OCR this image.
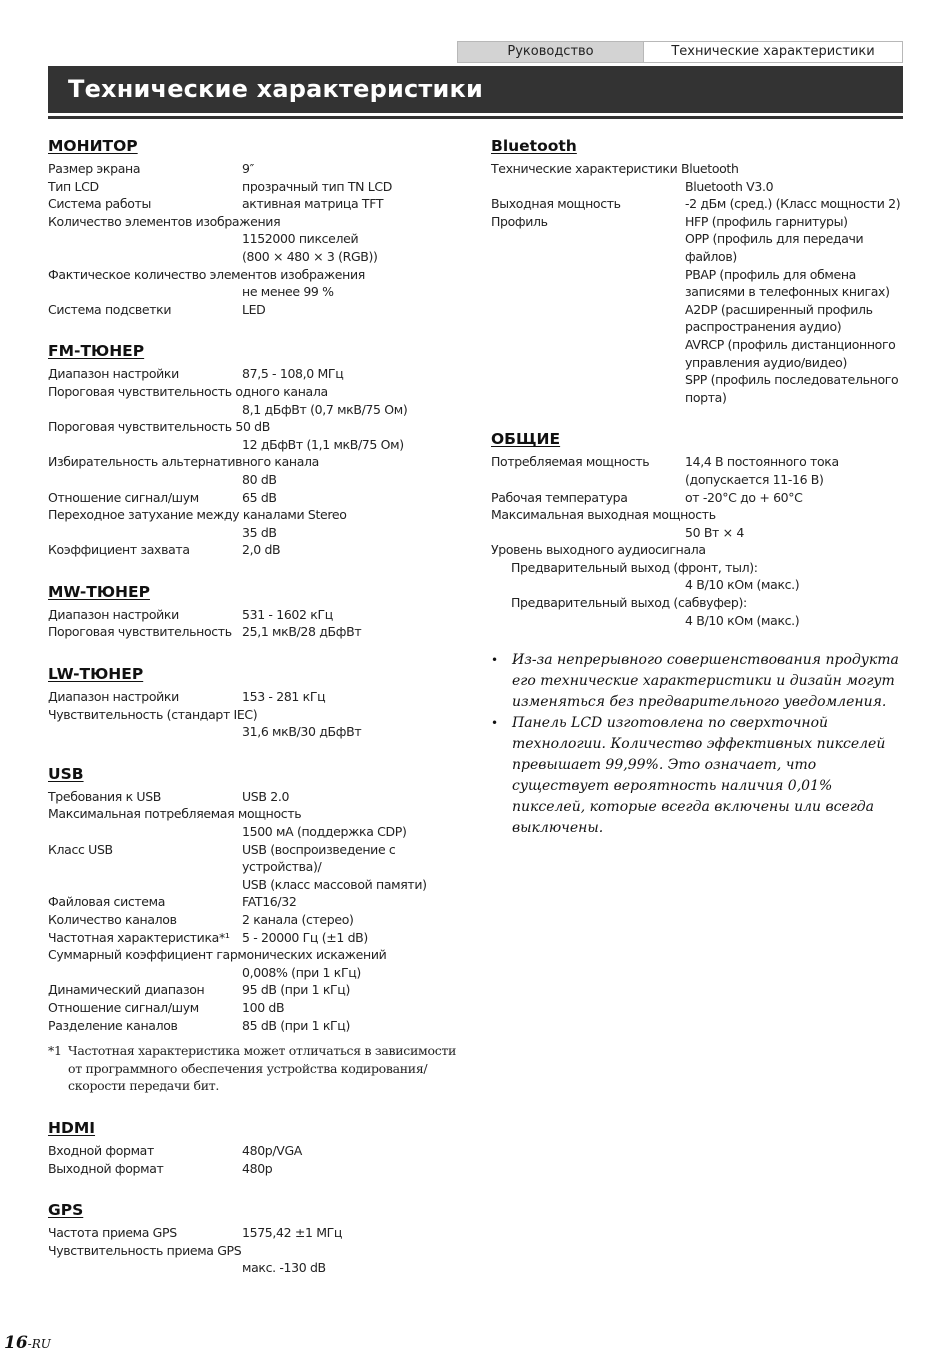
Руководство	Технические характеристики
Технические характеристики
МОНИТОР
Размер экрана	9″
Тип LCD	прозрачный тип TN LCD
Система работы	активная матрица TFT
Количество элементов изображения
1152000 пикселей
(800 × 480 × 3 (RGB))
Фактическое количество элементов изображения
не менее 99 %
Система подсветки	LED
FM-ТЮНЕР
Диапазон настройки	87,5 - 108,0 МГц
Пороговая чувствительность одного канала
8,1 дБфВт (0,7 мкВ/75 Ом)
Пороговая чувствительность 50 dB
12 дБфВт (1,1 мкВ/75 Ом)
Избирательность альтернативного канала
80 dB
Отношение сигнал/шум	65 dB
Переходное затухание между каналами Stereo
35 dB
Коэффициент захвата	2,0 dB
MW-ТЮНЕР
Диапазон настройки	531 - 1602 кГц
Пороговая чувствительность 25,1 мкВ/28 дБфВт
LW-ТЮНЕР
Диапазон настройки	153 - 281 кГц
Чувствительность (стандарт IEC)
31,6 мкВ/30 дБфВт
USB
Требования к USB	USB 2.0
Максимальная потребляемая мощность
1500 мА (поддержка CDP)
Класс USB	USB (воспроизведение с устройства)/
USB (класс массовой памяти)
Файловая система	FAT16/32
Количество каналов	2 канала (стерео)
Частотная характеристика*¹ 5 - 20000 Гц (±1 dB)
Суммарный коэффициент гармонических искажений
0,008% (при 1 кГц)
Динамический диапазон	95 dB (при 1 кГц)
Отношение сигнал/шум	100 dB
Разделение каналов	85 dB (при 1 кГц)
*1 Частотная характеристика может отличаться в зависимости от программного обеспечения устройства кодирования/скорости передачи бит.
HDMI
Входной формат	480p/VGA
Выходной формат	480p
GPS
Частота приема GPS	1575,42 ±1 МГц
Чувствительность приема GPS
макс. -130 dB
Bluetooth
Технические характеристики Bluetooth
Bluetooth V3.0
Выходная мощность	-2 дБм (сред.) (Класс мощности 2)
Профиль	HFP (профиль гарнитуры)
OPP (профиль для передачи файлов)
PBAP (профиль для обмена записями в телефонных книгах)
A2DP (расширенный профиль распространения аудио)
AVRCP (профиль дистанционного управления аудио/видео)
SPP (профиль последовательного порта)
ОБЩИЕ
Потребляемая мощность	14,4 В постоянного тока
(допускается 11-16 В)
Рабочая температура	от -20°C до + 60°C
Максимальная выходная мощность
50 Вт × 4
Уровень выходного аудиосигнала
Предварительный выход (фронт, тыл):
4 В/10 кОм (макс.)
Предварительный выход (сабвуфер):
4 В/10 кОм (макс.)
• Из-за непрерывного совершенствования продукта его технические характеристики и дизайн могут изменяться без предварительного уведомления.
• Панель LCD изготовлена по сверхточной технологии. Количество эффективных пикселей превышает 99,99%. Это означает, что существует вероятность наличия 0,01% пикселей, которые всегда включены или всегда выключены.
16-RU
